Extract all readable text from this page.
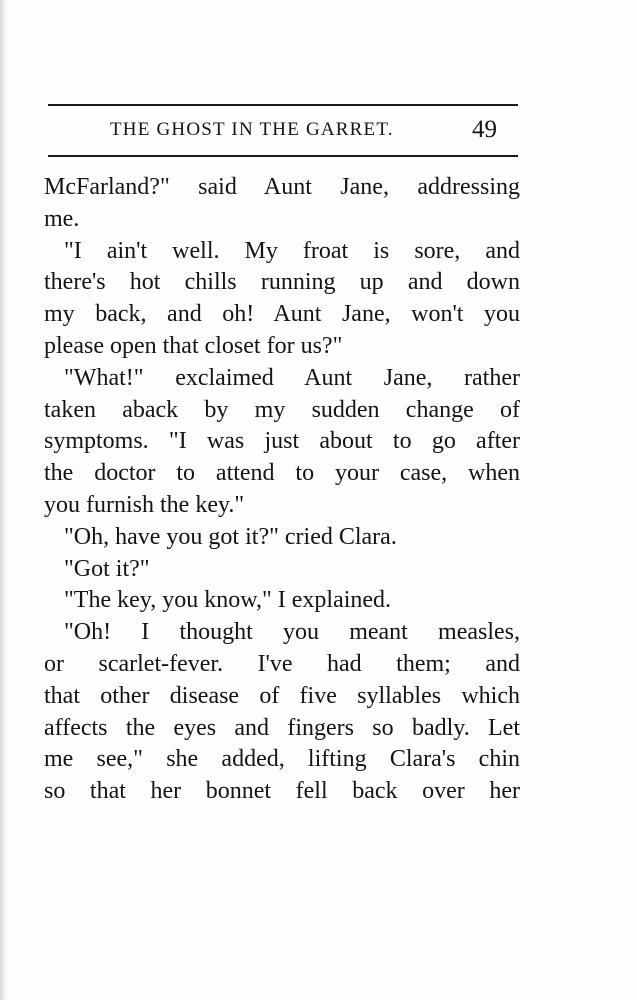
THE GHOST IN THE GARRET.	49
McFarland?" said Aunt Jane, addressing
me.
"I ain't well. My froat is sore, and
there's hot chills running up and down
my back, and oh! Aunt Jane, won't you
please open that closet for us?"
"What!" exclaimed Aunt Jane, rather
taken aback by my sudden change of
symptoms. "I was just about to go after
the doctor to attend to your case, when
you furnish the key."
"Oh, have you got it?" cried Clara.
"Got it?"
"The key, you know," I explained.
"Oh! I thought you meant measles,
or scarlet-fever. I've had them; and
that other disease of five syllables which
affects the eyes and fingers so badly. Let
me see," she added, lifting Clara's chin
so that her bonnet fell back over her
